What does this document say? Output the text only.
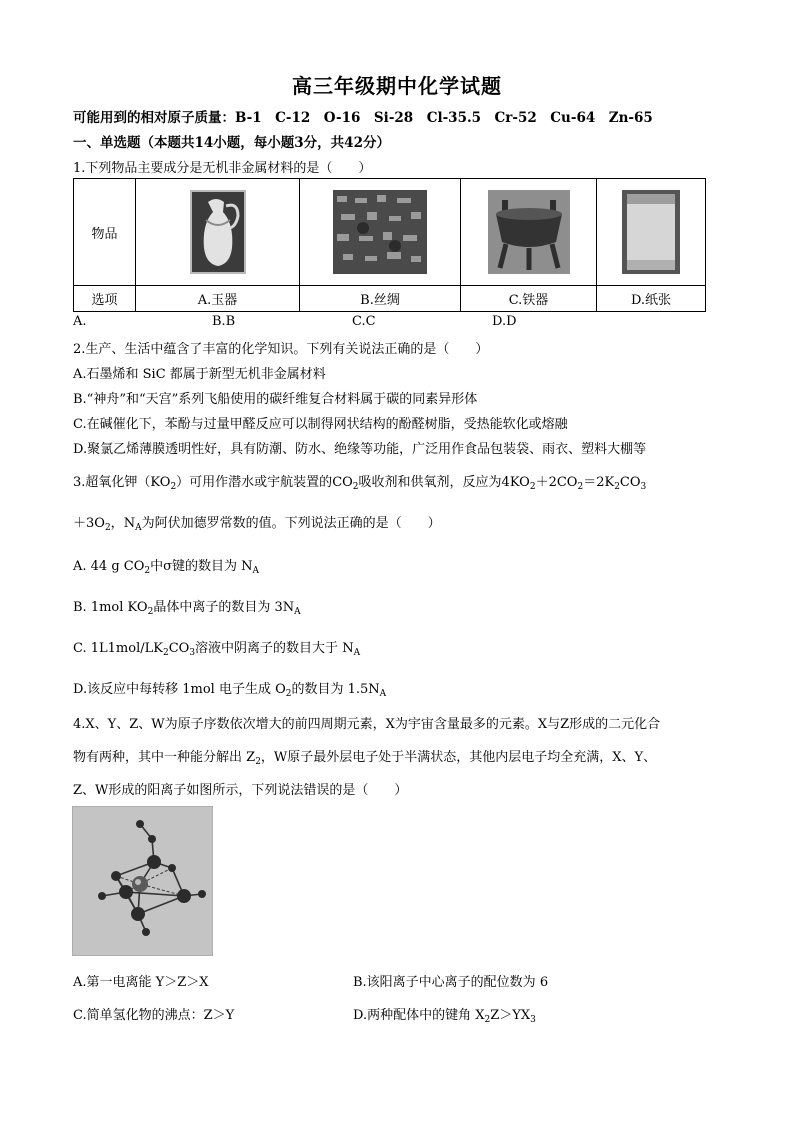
高三年级期中化学试题
可能用到的相对原子质量：B-1　C-12　O-16　Si-28　Cl-35.5　Cr-52　Cu-64　Zn-65
一、单选题（本题共14小题，每小题3分，共42分）
1.下列物品主要成分是无机非金属材料的是（　　）
物品	

选项	A.玉器	B.丝绸	C.铁器	D.纸张
A.	B.B	C.C	D.D
2.生产、生活中蕴含了丰富的化学知识。下列有关说法正确的是（　　）
A.石墨烯和 SiC 都属于新型无机非金属材料
B.“神舟”和“天宫”系列飞船使用的碳纤维复合材料属于碳的同素异形体
C.在碱催化下，苯酚与过量甲醛反应可以制得网状结构的酚醛树脂，受热能软化或熔融
D.聚氯乙烯薄膜透明性好，具有防潮、防水、绝缘等功能，广泛用作食品包装袋、雨衣、塑料大棚等
3.超氧化钾$(KO_2)$可用作潜水或宇航装置的$CO_2$吸收剂和供氧剂，反应为$4KO_2+2CO_2=2K_2CO_3$
$+3O_2$，$N_A$为阿伏加德罗常数的值。下列说法正确的是（　　）
A. 44 g $CO_2$中σ键的数目为 $N_A$
B. 1mol $KO_2$晶体中离子的数目为 $3N_A$
C. $1L1mol/LK_2CO_3$溶液中阴离子的数目大于 $N_A$
D.该反应中每转移 1mol 电子生成 $O_2$的数目为 $1.5N_A$
4.X、Y、Z、W为原子序数依次增大的前四周期元素，X为宇宙含量最多的元素。X与Z形成的二元化合
物有两种，其中一种能分解出 $Z_2$，W原子最外层电子处于半满状态，其他内层电子均全充满，X、Y、
Z、W形成的阳离子如图所示，下列说法错误的是（　　）
A.第一电离能 Y＞Z＞X	B.该阳离子中心离子的配位数为 6
C.简单氢化物的沸点：Z＞Y	D.两种配体中的键角 $X_2Z>YX_3$
